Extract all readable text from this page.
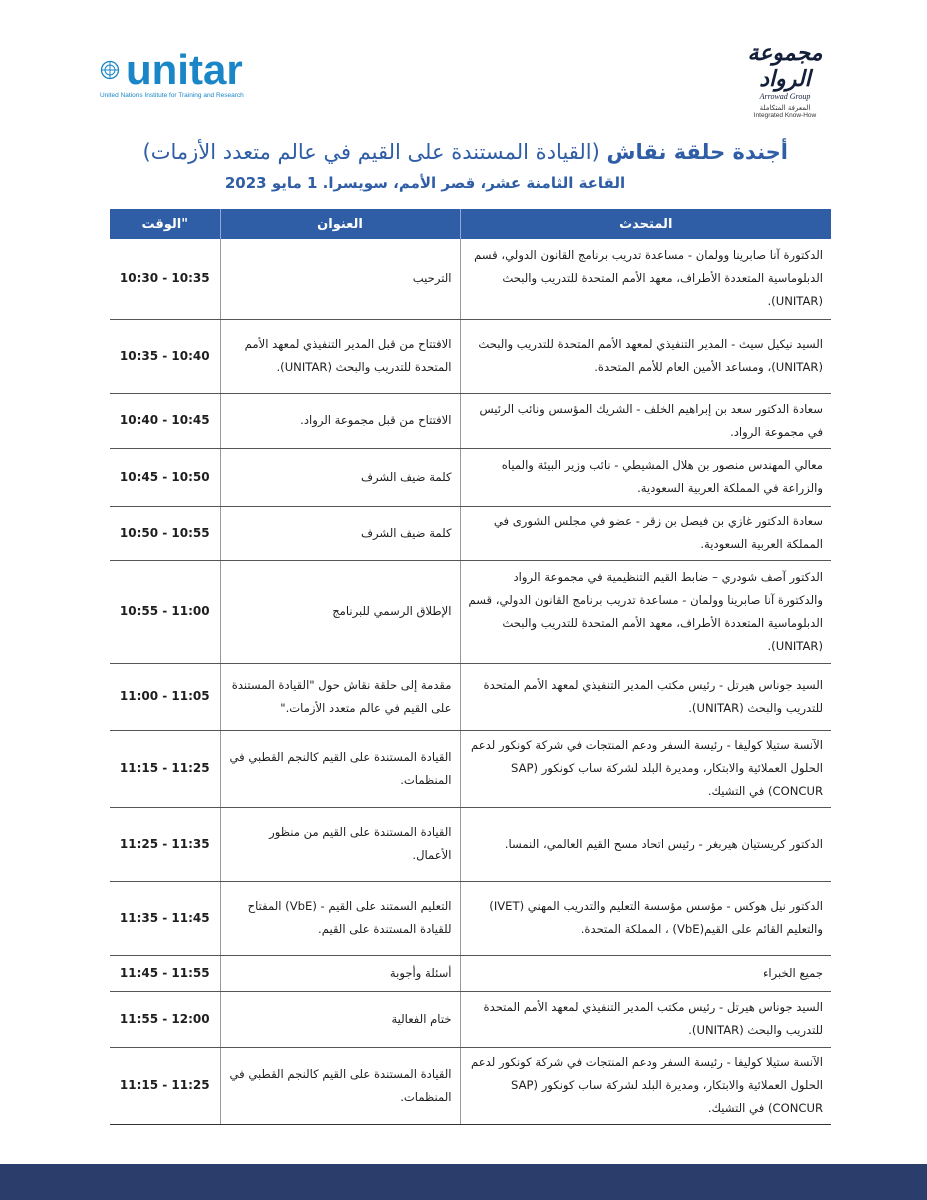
unitar
United Nations Institute for Training and Research
مجموعة الرواد
Arrowad Group
المعرفة المتكاملة
Integrated Know-How
أجندة حلقة نقاش (القيادة المستندة على القيم في عالم متعدد الأزمات)
القاعة الثامنة عشر، قصر الأمم، سويسرا. 1 مايو 2023
المتحدث	العنوان	"الوقت
الدكتورة آنا صابرينا وولمان - مساعدة تدريب برنامج القانون الدولي، قسم الدبلوماسية المتعددة الأطراف، معهد الأمم المتحدة للتدريب والبحث (UNITAR).	الترحيب	10:30 - 10:35
السيد نيكيل سيث - المدير التنفيذي لمعهد الأمم المتحدة للتدريب والبحث (UNITAR)، ومساعد الأمين العام للأمم المتحدة.	الافتتاح من قبل المدير التنفيذي لمعهد الأمم المتحدة للتدريب والبحث (UNITAR).	10:35 - 10:40
سعادة الدكتور سعد بن إبراهيم الخلف - الشريك المؤسس ونائب الرئيس في مجموعة الرواد.	الافتتاح من قبل مجموعة الرواد.	10:40 - 10:45
معالي المهندس منصور بن هلال المشيطي - نائب وزير البيئة والمياه والزراعة في المملكة العربية السعودية.	كلمة ضيف الشرف	10:45 - 10:50
سعادة الدكتور غازي بن فيصل بن زقر - عضو في مجلس الشورى في المملكة العربية السعودية.	كلمة ضيف الشرف	10:50 - 10:55
الدكتور آصف شودري – ضابط القيم التنظيمية في مجموعة الرواد والدكتورة آنا صابرينا وولمان - مساعدة تدريب برنامج القانون الدولي، قسم الدبلوماسية المتعددة الأطراف، معهد الأمم المتحدة للتدريب والبحث (UNITAR).	الإطلاق الرسمي للبرنامج	10:55 - 11:00
السيد جوناس هيرتل - رئيس مكتب المدير التنفيذي لمعهد الأمم المتحدة للتدريب والبحث (UNITAR).	مقدمة إلى حلقة نقاش حول "القيادة المستندة على القيم في عالم متعدد الأزمات."	11:00 - 11:05
الآنسة ستيلا كوليفا - رئيسة السفر ودعم المنتجات في شركة كونكور لدعم الحلول العملائية والابتكار، ومديرة البلد لشركة ساب كونكور (SAP CONCUR) في التشيك.	القيادة المستندة على القيم كالنجم القطبي في المنظمات.	11:15 - 11:25
الدكتور كريستيان هيربغر - رئيس اتحاد مسح القيم العالمي، النمسا.	القيادة المستندة على القيم من منظور الأعمال.	11:25 - 11:35
الدكتور نيل هوكس - مؤسس مؤسسة التعليم والتدريب المهني (IVET) والتعليم القائم على القيم(VbE) ، المملكة المتحدة.	التعليم السمتند على القيم - (VbE) المفتاح للقيادة المستندة على القيم.	11:35 - 11:45
جميع الخبراء	أسئلة وأجوبة	11:45 - 11:55
السيد جوناس هيرتل - رئيس مكتب المدير التنفيذي لمعهد الأمم المتحدة للتدريب والبحث (UNITAR).	ختام الفعالية	11:55 - 12:00
الآنسة ستيلا كوليفا - رئيسة السفر ودعم المنتجات في شركة كونكور لدعم الحلول العملائية والابتكار، ومديرة البلد لشركة ساب كونكور (SAP CONCUR) في التشيك.	القيادة المستندة على القيم كالنجم القطبي في المنظمات.	11:15 - 11:25
